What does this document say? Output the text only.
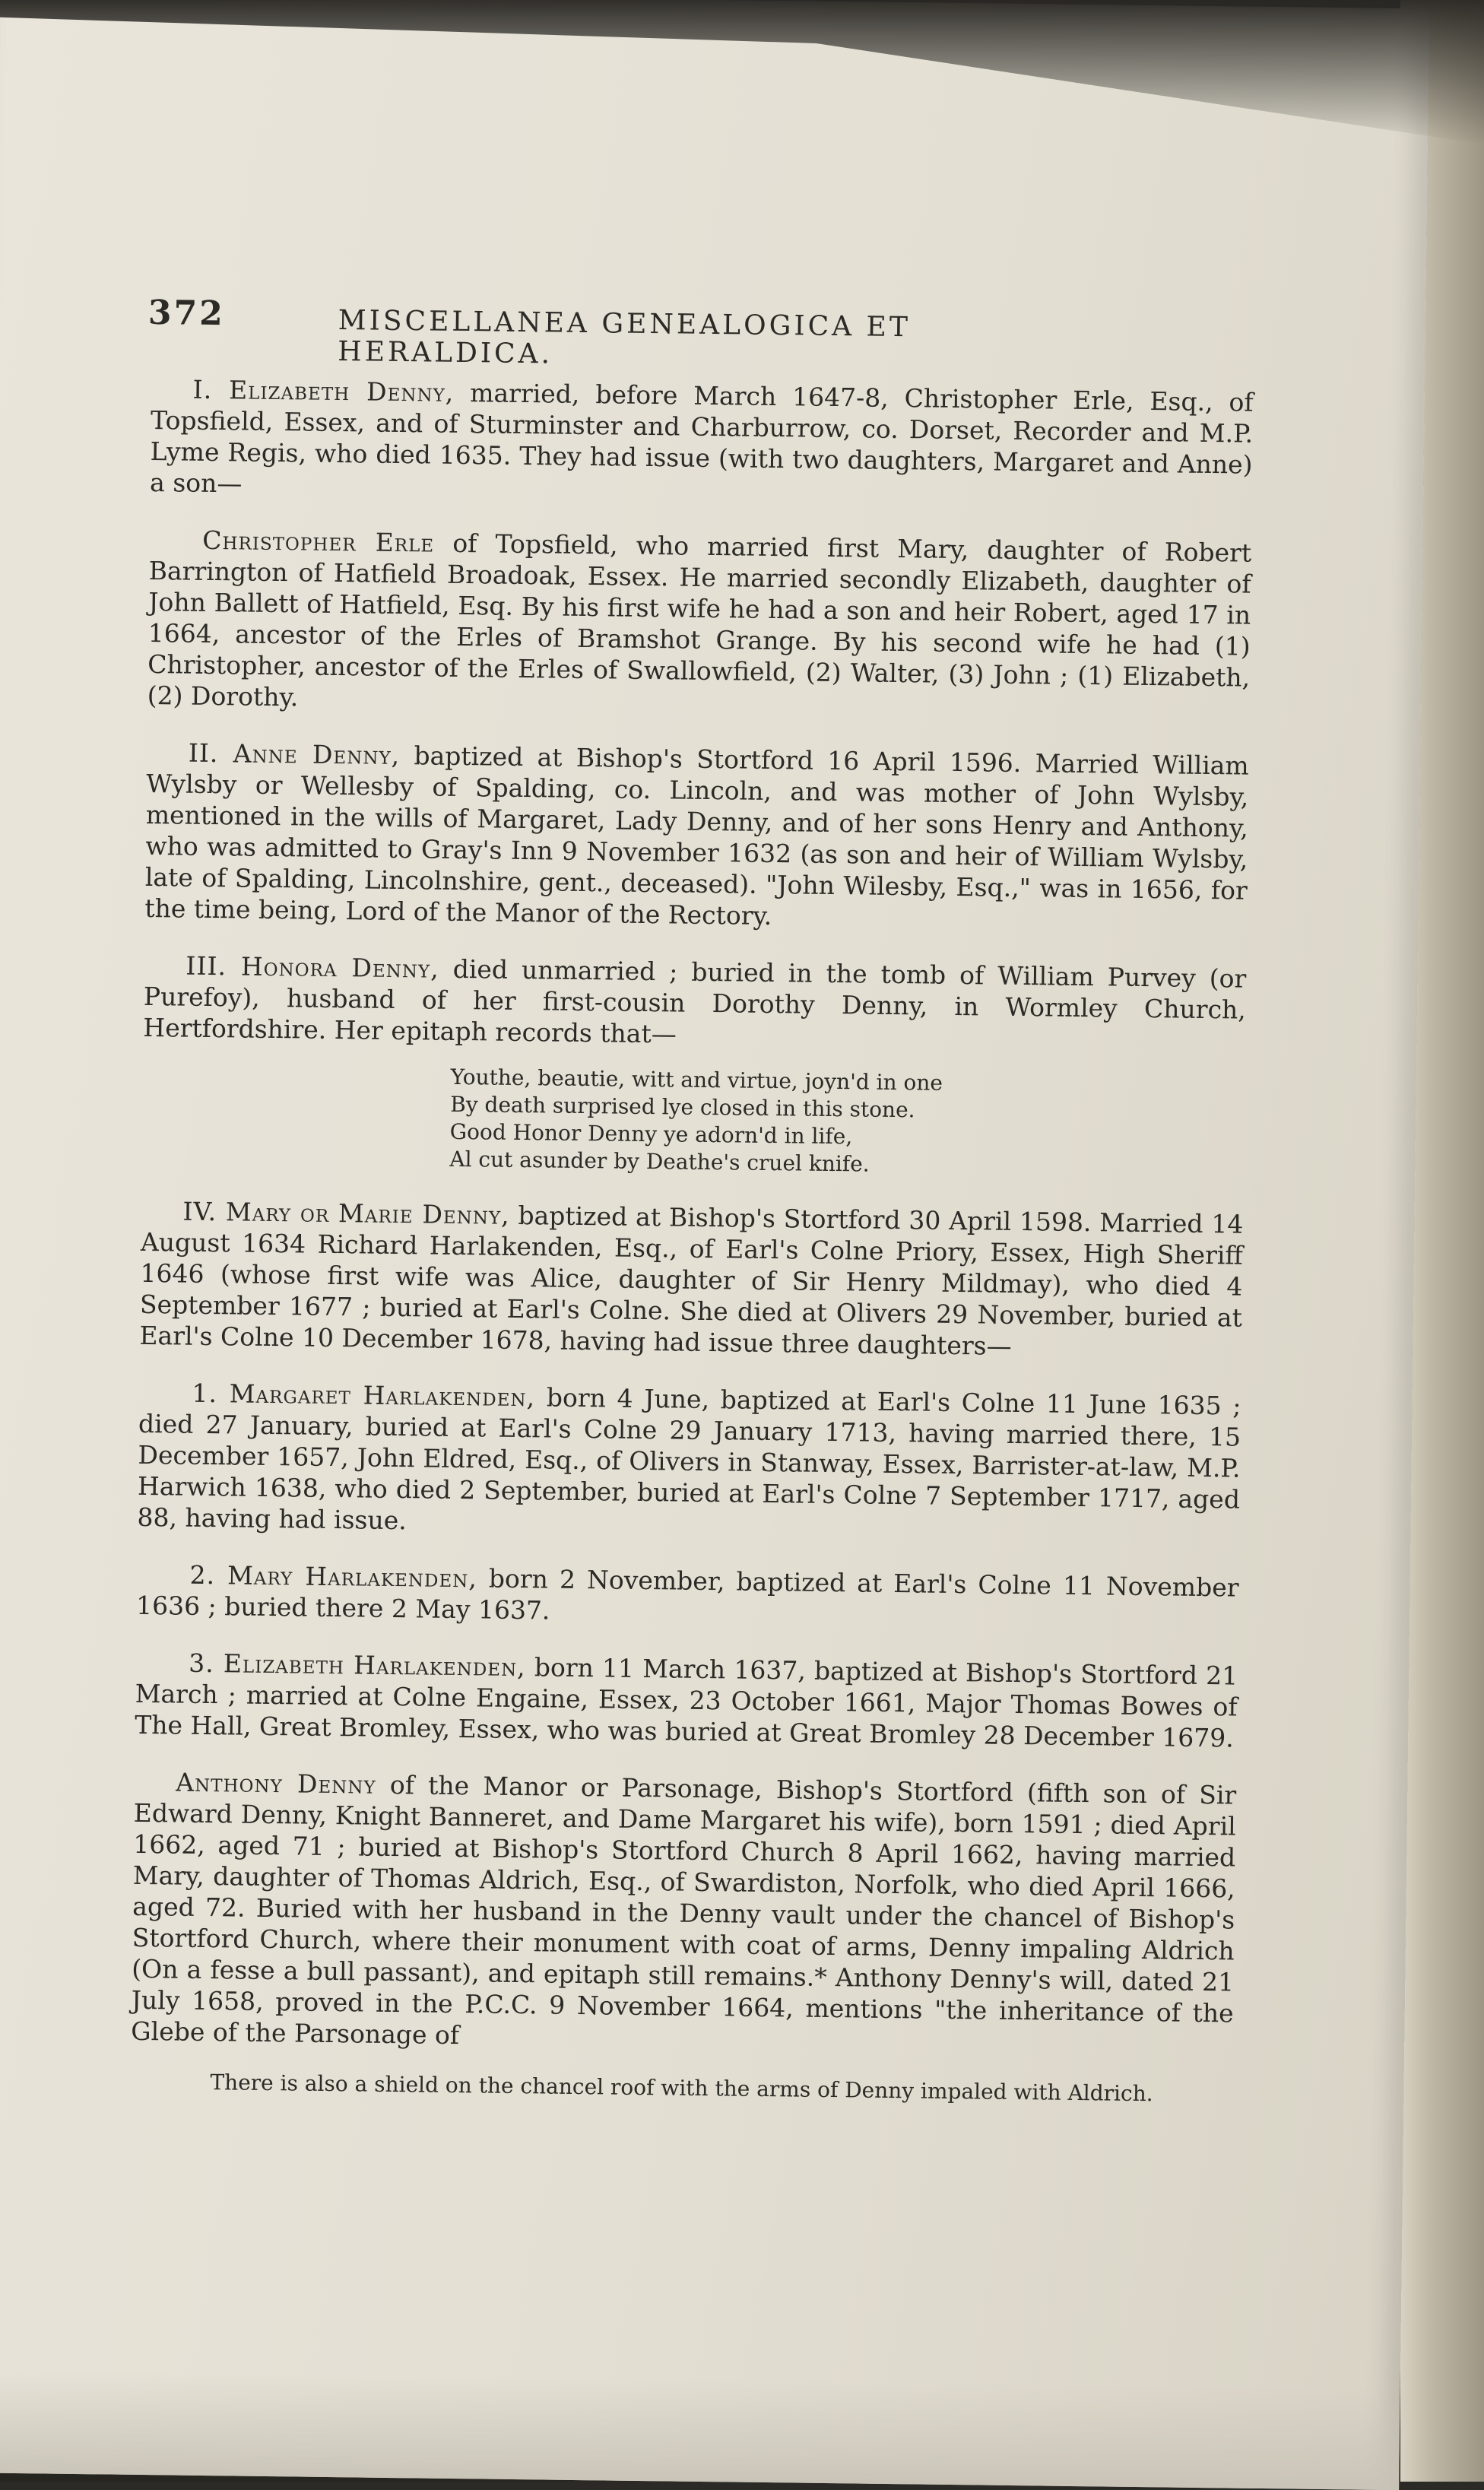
372	MISCELLANEA GENEALOGICA ET HERALDICA.

I. Elizabeth Denny, married, before March 1647-8, Christopher Erle, Esq., of Topsfield, Essex, and of Sturminster and Charburrow, co. Dorset, Recorder and M.P. Lyme Regis, who died 1635. They had issue (with two daughters, Margaret and Anne) a son—

Christopher Erle of Topsfield, who married first Mary, daughter of Robert Barrington of Hatfield Broadoak, Essex. He married secondly Elizabeth, daughter of John Ballett of Hatfield, Esq. By his first wife he had a son and heir Robert, aged 17 in 1664, ancestor of the Erles of Bramshot Grange. By his second wife he had (1) Christopher, ancestor of the Erles of Swallowfield, (2) Walter, (3) John ; (1) Elizabeth, (2) Dorothy.

II. Anne Denny, baptized at Bishop's Stortford 16 April 1596. Married William Wylsby or Wellesby of Spalding, co. Lincoln, and was mother of John Wylsby, mentioned in the wills of Margaret, Lady Denny, and of her sons Henry and Anthony, who was admitted to Gray's Inn 9 November 1632 (as son and heir of William Wylsby, late of Spalding, Lincolnshire, gent., deceased). "John Wilesby, Esq.," was in 1656, for the time being, Lord of the Manor of the Rectory.

III. Honora Denny, died unmarried ; buried in the tomb of William Purvey (or Purefoy), husband of her first-cousin Dorothy Denny, in Wormley Church, Hertfordshire. Her epitaph records that—

Youthe, beautie, witt and virtue, joyn'd in one
By death surprised lye closed in this stone.
Good Honor Denny ye adorn'd in life,
Al cut asunder by Deathe's cruel knife.

IV. Mary or Marie Denny, baptized at Bishop's Stortford 30 April 1598. Married 14 August 1634 Richard Harlakenden, Esq., of Earl's Colne Priory, Essex, High Sheriff 1646 (whose first wife was Alice, daughter of Sir Henry Mildmay), who died 4 September 1677 ; buried at Earl's Colne. She died at Olivers 29 November, buried at Earl's Colne 10 December 1678, having had issue three daughters—

1. Margaret Harlakenden, born 4 June, baptized at Earl's Colne 11 June 1635 ; died 27 January, buried at Earl's Colne 29 January 1713, having married there, 15 December 1657, John Eldred, Esq., of Olivers in Stanway, Essex, Barrister-at-law, M.P. Harwich 1638, who died 2 September, buried at Earl's Colne 7 September 1717, aged 88, having had issue.

2. Mary Harlakenden, born 2 November, baptized at Earl's Colne 11 November 1636 ; buried there 2 May 1637.

3. Elizabeth Harlakenden, born 11 March 1637, baptized at Bishop's Stortford 21 March ; married at Colne Engaine, Essex, 23 October 1661, Major Thomas Bowes of The Hall, Great Bromley, Essex, who was buried at Great Bromley 28 December 1679.

Anthony Denny of the Manor or Parsonage, Bishop's Stortford (fifth son of Sir Edward Denny, Knight Banneret, and Dame Margaret his wife), born 1591 ; died April 1662, aged 71 ; buried at Bishop's Stortford Church 8 April 1662, having married Mary, daughter of Thomas Aldrich, Esq., of Swardiston, Norfolk, who died April 1666, aged 72. Buried with her husband in the Denny vault under the chancel of Bishop's Stortford Church, where their monument with coat of arms, Denny impaling Aldrich (On a fesse a bull passant), and epitaph still remains.* Anthony Denny's will, dated 21 July 1658, proved in the P.C.C. 9 November 1664, mentions "the inheritance of the Glebe of the Parsonage of

There is also a shield on the chancel roof with the arms of Denny impaled with Aldrich.
